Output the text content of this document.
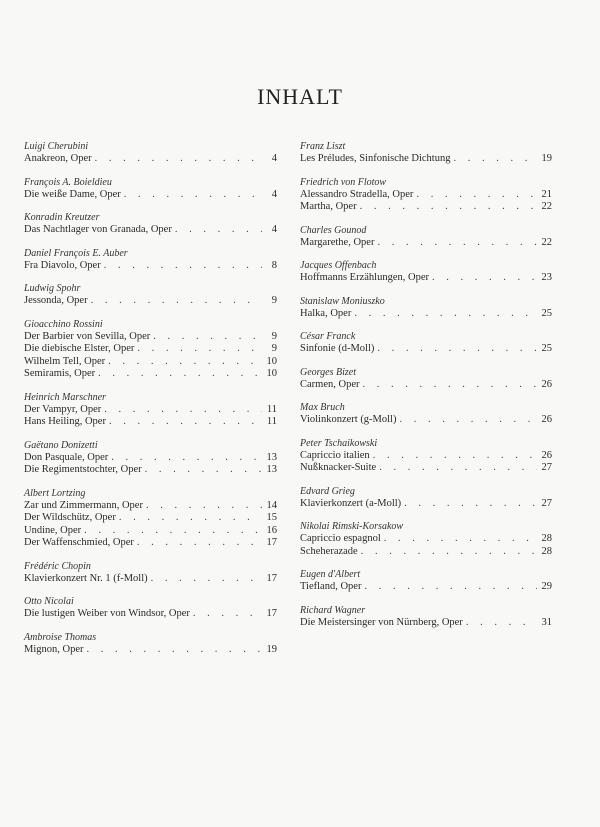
INHALT
Luigi Cherubini
Anakreon, Oper . . .	4
François A. Boieldieu
Die weiße Dame, Oper . . .	4
Konradin Kreutzer
Das Nachtlager von Granada, Oper . . .	4
Daniel François E. Auber
Fra Diavolo, Oper . . .	8
Ludwig Spohr
Jessonda, Oper . . .	9
Gioacchino Rossini
Der Barbier von Sevilla, Oper . . .	9
Die diebische Elster, Oper . . .	9
Wilhelm Tell, Oper . . .	10
Semiramis, Oper . . .	10
Heinrich Marschner
Der Vampyr, Oper . . .	11
Hans Heiling, Oper . . .	11
Gaëtano Donizetti
Don Pasquale, Oper . . .	13
Die Regimentstochter, Oper . . .	13
Albert Lortzing
Zar und Zimmermann, Oper . . .	14
Der Wildschütz, Oper . . .	15
Undine, Oper . . .	16
Der Waffenschmied, Oper . . .	17
Frédéric Chopin
Klavierkonzert Nr. 1 (f-Moll) . . .	17
Otto Nicolai
Die lustigen Weiber von Windsor, Oper . . .	17
Ambroise Thomas
Mignon, Oper . . .	19
Franz Liszt
Les Préludes, Sinfonische Dichtung . . .	19
Friedrich von Flotow
Alessandro Stradella, Oper . . .	21
Martha, Oper . . .	22
Charles Gounod
Margarethe, Oper . . .	22
Jacques Offenbach
Hoffmanns Erzählungen, Oper . . .	23
Stanislaw Moniuszko
Halka, Oper . . .	25
César Franck
Sinfonie (d-Moll) . . .	25
Georges Bizet
Carmen, Oper . . .	26
Max Bruch
Violinkonzert (g-Moll) . . .	26
Peter Tschaikowski
Capriccio italien . . .	26
Nußknacker-Suite . . .	27
Edvard Grieg
Klavierkonzert (a-Moll) . . .	27
Nikolai Rimski-Korsakow
Capriccio espagnol . . .	28
Scheherazade . . .	28
Eugen d'Albert
Tiefland, Oper . . .	29
Richard Wagner
Die Meistersinger von Nürnberg, Oper . . .	31
